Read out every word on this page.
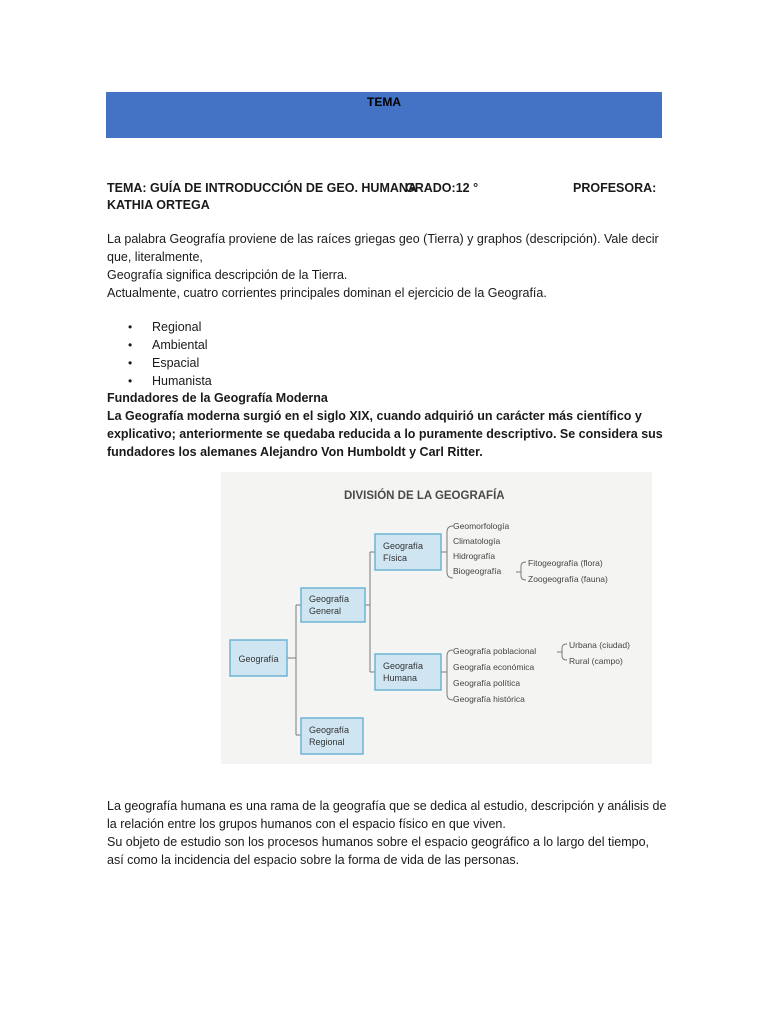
TEMA
TEMA: GUÍA DE INTRODUCCIÓN DE GEO. HUMANA
GRADO:12 °	PROFESORA:
KATHIA ORTEGA
La palabra Geografía proviene de las raíces griegas geo (Tierra) y graphos (descripción). Vale decir
que, literalmente,
Geografía significa descripción de la Tierra.
Actualmente, cuatro corrientes principales dominan el ejercicio de la Geografía.
• Regional
• Ambiental
• Espacial
• Humanista
Fundadores de la Geografía Moderna
La Geografía moderna surgió en el siglo XIX, cuando adquirió un carácter más científico y
explicativo; anteriormente se quedaba reducida a lo puramente descriptivo. Se considera sus
fundadores los alemanes Alejandro Von Humboldt y Carl Ritter.
DIVISIÓN DE LA GEOGRAFÍA
Geografía
Geografía
General
Geografía
Regional
Geografía
Física
Geografía
Humana
Geomorfología
Climatología
Hidrografía
Biogeografía
Fitogeografía (flora)
Zoogeografía (fauna)
Geografía poblacional
Geografía económica
Geografía política
Geografía histórica
Urbana (ciudad)
Rural (campo)
La geografía humana es una rama de la geografía que se dedica al estudio, descripción y análisis de
la relación entre los grupos humanos con el espacio físico en que viven.
Su objeto de estudio son los procesos humanos sobre el espacio geográfico a lo largo del tiempo,
así como la incidencia del espacio sobre la forma de vida de las personas.
